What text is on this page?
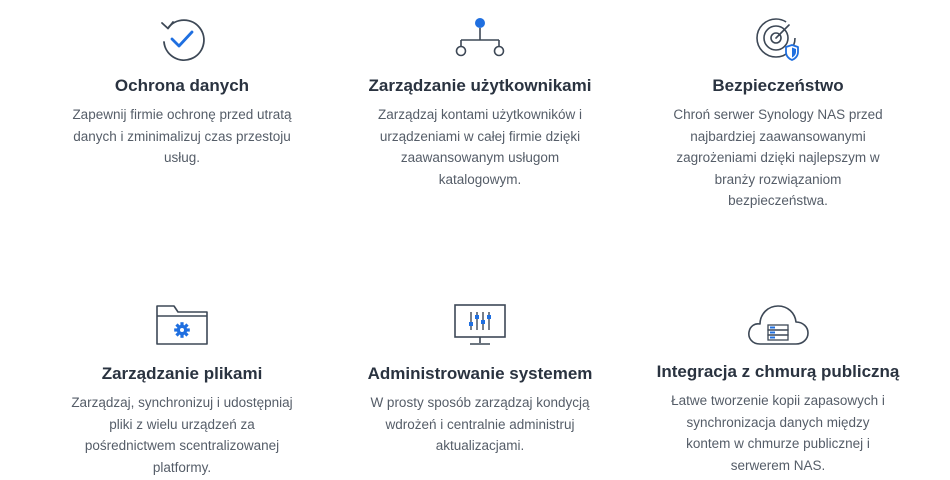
Ochrona danych

Zapewnij firmie ochronę przed utratą
danych i zminimalizuj czas przestoju
usług.

Zarządzanie użytkownikami

Zarządzaj kontami użytkowników i
urządzeniami w całej firmie dzięki
zaawansowanym usługom
katalogowym.

Bezpieczeństwo

Chroń serwer Synology NAS przed
najbardziej zaawansowanymi
zagrożeniami dzięki najlepszym w
branży rozwiązaniom
bezpieczeństwa.

Zarządzanie plikami

Zarządzaj, synchronizuj i udostępniaj
pliki z wielu urządzeń za
pośrednictwem scentralizowanej
platformy.

Administrowanie systemem

W prosty sposób zarządzaj kondycją
wdrożeń i centralnie administruj
aktualizacjami.

Integracja z chmurą publiczną

Łatwe tworzenie kopii zapasowych i
synchronizacja danych między
kontem w chmurze publicznej i
serwerem NAS.
